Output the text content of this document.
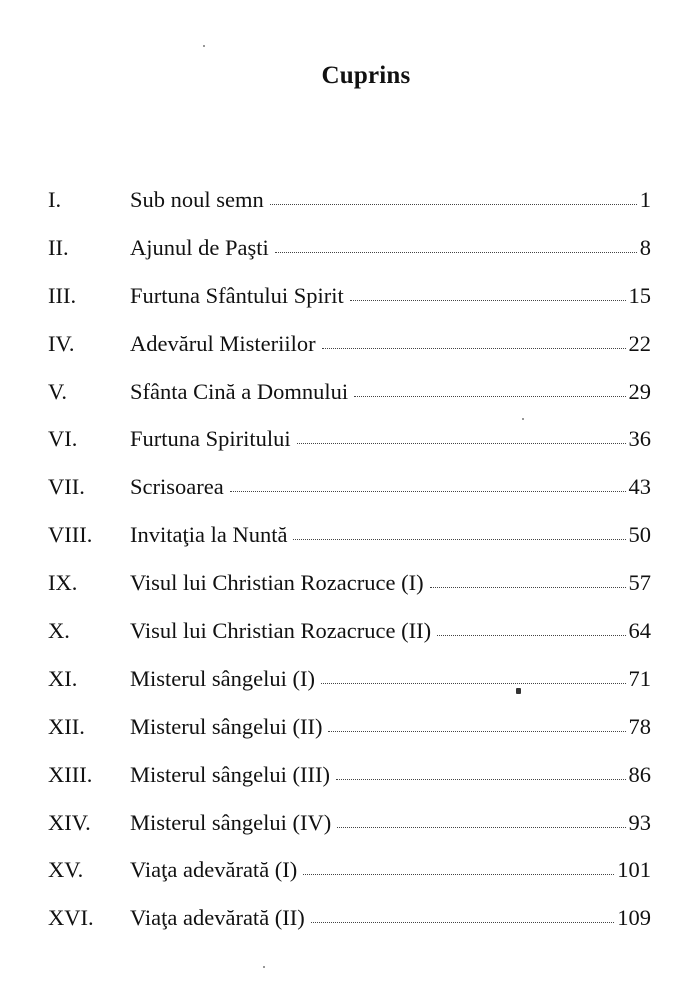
Cuprins
I.	Sub noul semn	1
II.	Ajunul de Paşti	8
III.	Furtuna Sfântului Spirit	15
IV.	Adevărul Misteriilor	22
V.	Sfânta Cină a Domnului	29
VI.	Furtuna Spiritului	36
VII.	Scrisoarea	43
VIII.	Invitaţia la Nuntă	50
IX.	Visul lui Christian Rozacruce (I)	57
X.	Visul lui Christian Rozacruce (II)	64
XI.	Misterul sângelui (I)	71
XII.	Misterul sângelui (II)	78
XIII.	Misterul sângelui (III)	86
XIV.	Misterul sângelui (IV)	93
XV.	Viaţa adevărată (I)	101
XVI.	Viaţa adevărată (II)	109
